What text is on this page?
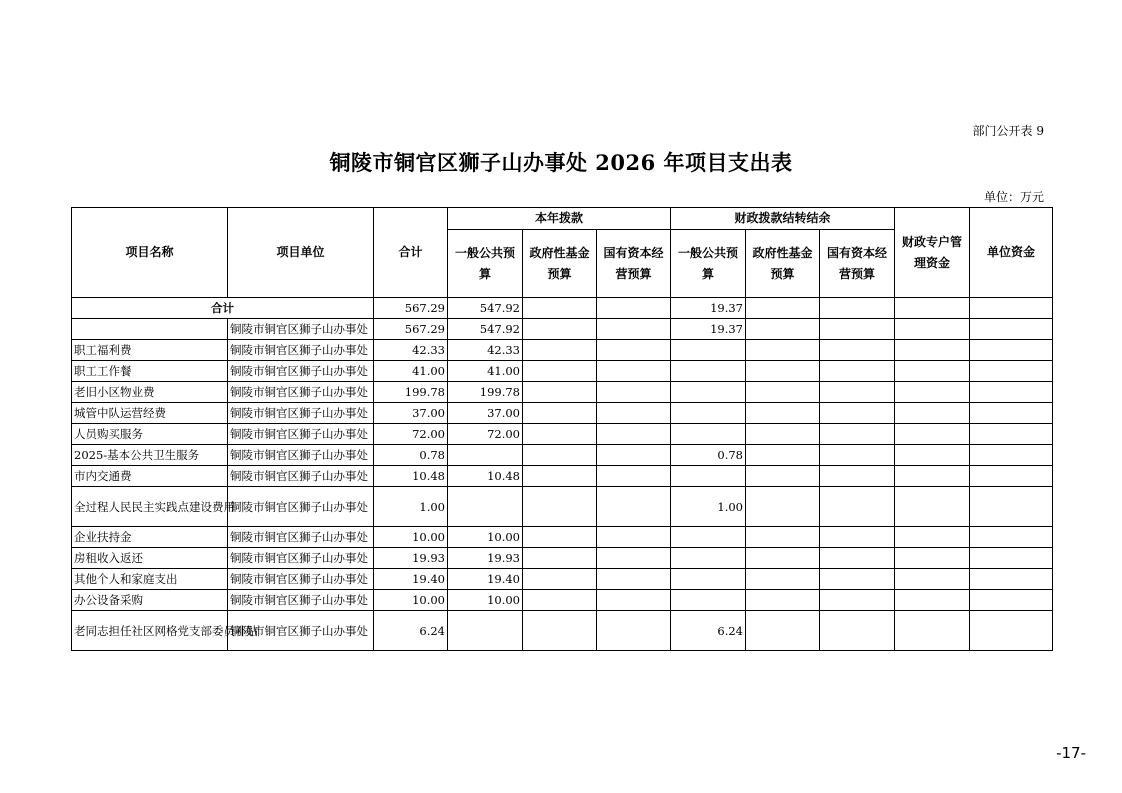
部门公开表 9
铜陵市铜官区狮子山办事处 2026 年项目支出表
单位：万元
项目名称	项目单位	合计	本年拨款			财政拨款结转结余			财政专户管理资金	单位资金
			一般公共预算	政府性基金预算	国有资本经营预算	一般公共预算	政府性基金预算	国有资本经营预算		
合计		567.29	547.92			19.37				
	铜陵市铜官区狮子山办事处	567.29	547.92			19.37				
职工福利费	铜陵市铜官区狮子山办事处	42.33	42.33							
职工工作餐	铜陵市铜官区狮子山办事处	41.00	41.00							
老旧小区物业费	铜陵市铜官区狮子山办事处	199.78	199.78							
城管中队运营经费	铜陵市铜官区狮子山办事处	37.00	37.00							
人员购买服务	铜陵市铜官区狮子山办事处	72.00	72.00							
2025-基本公共卫生服务	铜陵市铜官区狮子山办事处	0.78				0.78				
市内交通费	铜陵市铜官区狮子山办事处	10.48	10.48							
全过程人民民主实践点建设费用	铜陵市铜官区狮子山办事处	1.00				1.00				
企业扶持金	铜陵市铜官区狮子山办事处	10.00	10.00							
房租收入返还	铜陵市铜官区狮子山办事处	19.93	19.93							
其他个人和家庭支出	铜陵市铜官区狮子山办事处	19.40	19.40							
办公设备采购	铜陵市铜官区狮子山办事处	10.00	10.00							
老同志担任社区网格党支部委员补贴	铜陵市铜官区狮子山办事处	6.24				6.24				
-17-
